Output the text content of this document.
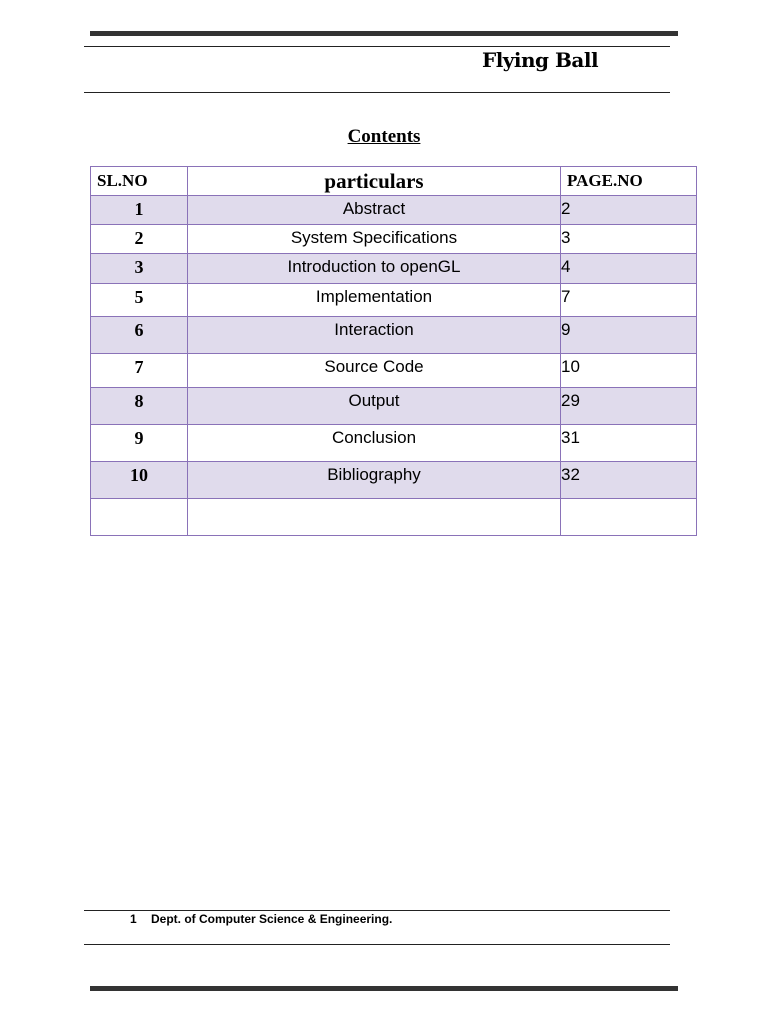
Flying Ball
Contents
SL.NO	particulars	PAGE.NO
1	Abstract	2
2	System Specifications	3
3	Introduction to openGL	4
5	Implementation	7
6	Interaction	9
7	Source Code	10
8	Output	29
9	Conclusion	31
10	Bibliography	32

1 Dept. of Computer Science & Engineering.
